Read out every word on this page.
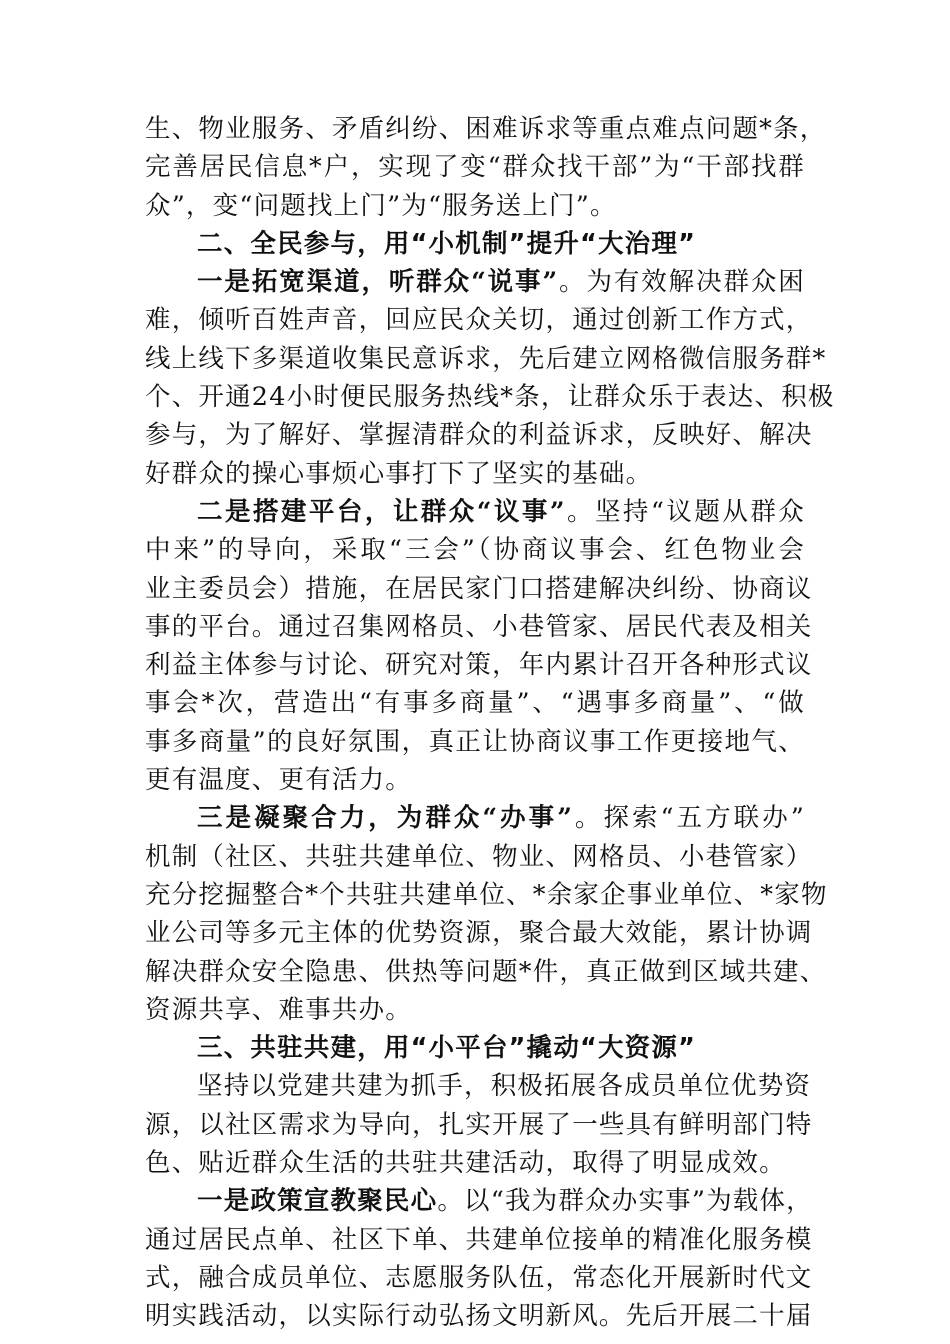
生、物业服务、矛盾纠纷、困难诉求等重点难点问题*条，
完善居民信息*户，实现了变“群众找干部”为“干部找群
众”，变“问题找上门”为“服务送上门”。
二、全民参与，用“小机制”提升“大治理”
一是拓宽渠道，听群众“说事”。为有效解决群众困
难，倾听百姓声音，回应民众关切，通过创新工作方式，
线上线下多渠道收集民意诉求，先后建立网格微信服务群*
个、开通24小时便民服务热线*条，让群众乐于表达、积极
参与，为了解好、掌握清群众的利益诉求，反映好、解决
好群众的操心事烦心事打下了坚实的基础。
二是搭建平台，让群众“议事”。坚持“议题从群众
中来”的导向，采取“三会”（协商议事会、红色物业会
业主委员会）措施，在居民家门口搭建解决纠纷、协商议
事的平台。通过召集网格员、小巷管家、居民代表及相关
利益主体参与讨论、研究对策，年内累计召开各种形式议
事会*次，营造出“有事多商量”、“遇事多商量”、“做
事多商量”的良好氛围，真正让协商议事工作更接地气、
更有温度、更有活力。
三是凝聚合力，为群众“办事”。探索“五方联办”
机制（社区、共驻共建单位、物业、网格员、小巷管家）
充分挖掘整合*个共驻共建单位、*余家企事业单位、*家物
业公司等多元主体的优势资源，聚合最大效能，累计协调
解决群众安全隐患、供热等问题*件，真正做到区域共建、
资源共享、难事共办。
三、共驻共建，用“小平台”撬动“大资源”
坚持以党建共建为抓手，积极拓展各成员单位优势资
源，以社区需求为导向，扎实开展了一些具有鲜明部门特
色、贴近群众生活的共驻共建活动，取得了明显成效。
一是政策宣教聚民心。以“我为群众办实事”为载体，
通过居民点单、社区下单、共建单位接单的精准化服务模
式，融合成员单位、志愿服务队伍，常态化开展新时代文
明实践活动，以实际行动弘扬文明新风。先后开展二十届
